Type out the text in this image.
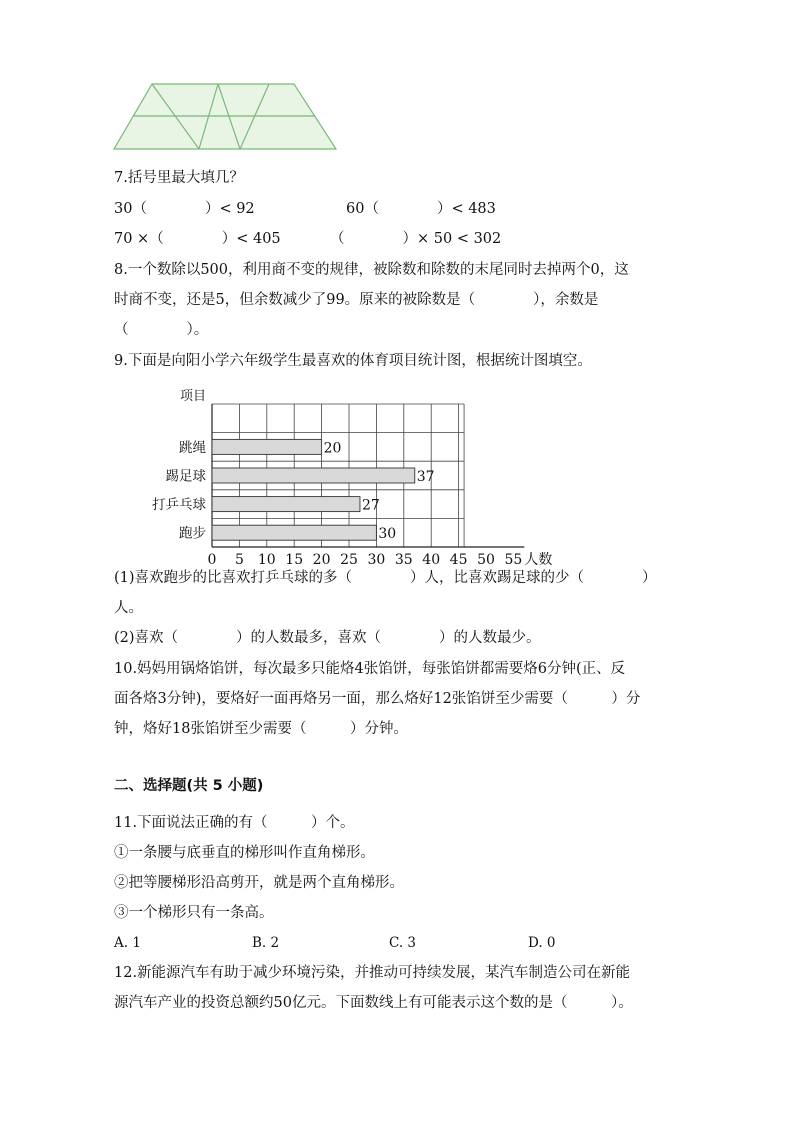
7.括号里最大填几？
30（　　　　）< 92	60（　　　　）< 483
70 ×（　　　　）< 405	（　　　　）× 50 < 302
8.一个数除以500，利用商不变的规律，被除数和除数的末尾同时去掉两个0，这
时商不变，还是5，但余数减少了99。原来的被除数是（　　　　），余数是
（　　　　）。
9.下面是向阳小学六年级学生最喜欢的体育项目统计图，根据统计图填空。
项目
跳绳	20
踢足球	37
打乒乓球	27
跑步	30
0 5 10 15 20 25 30 35 40 45 50 55 人数
(1)喜欢跑步的比喜欢打乒乓球的多（　　　　）人，比喜欢踢足球的少（　　　　）
人。
(2)喜欢（　　　　）的人数最多，喜欢（　　　　）的人数最少。
10.妈妈用锅烙馅饼，每次最多只能烙4张馅饼，每张馅饼都需要烙6分钟(正、反
面各烙3分钟)，要烙好一面再烙另一面，那么烙好12张馅饼至少需要（　　　）分
钟，烙好18张馅饼至少需要（　　　）分钟。
二、选择题(共 5 小题)
11.下面说法正确的有（　　　）个。
①一条腰与底垂直的梯形叫作直角梯形。
②把等腰梯形沿高剪开，就是两个直角梯形。
③一个梯形只有一条高。
A. 1	B. 2	C. 3	D. 0
12.新能源汽车有助于减少环境污染，并推动可持续发展，某汽车制造公司在新能
源汽车产业的投资总额约50亿元。下面数线上有可能表示这个数的是（　　　）。
